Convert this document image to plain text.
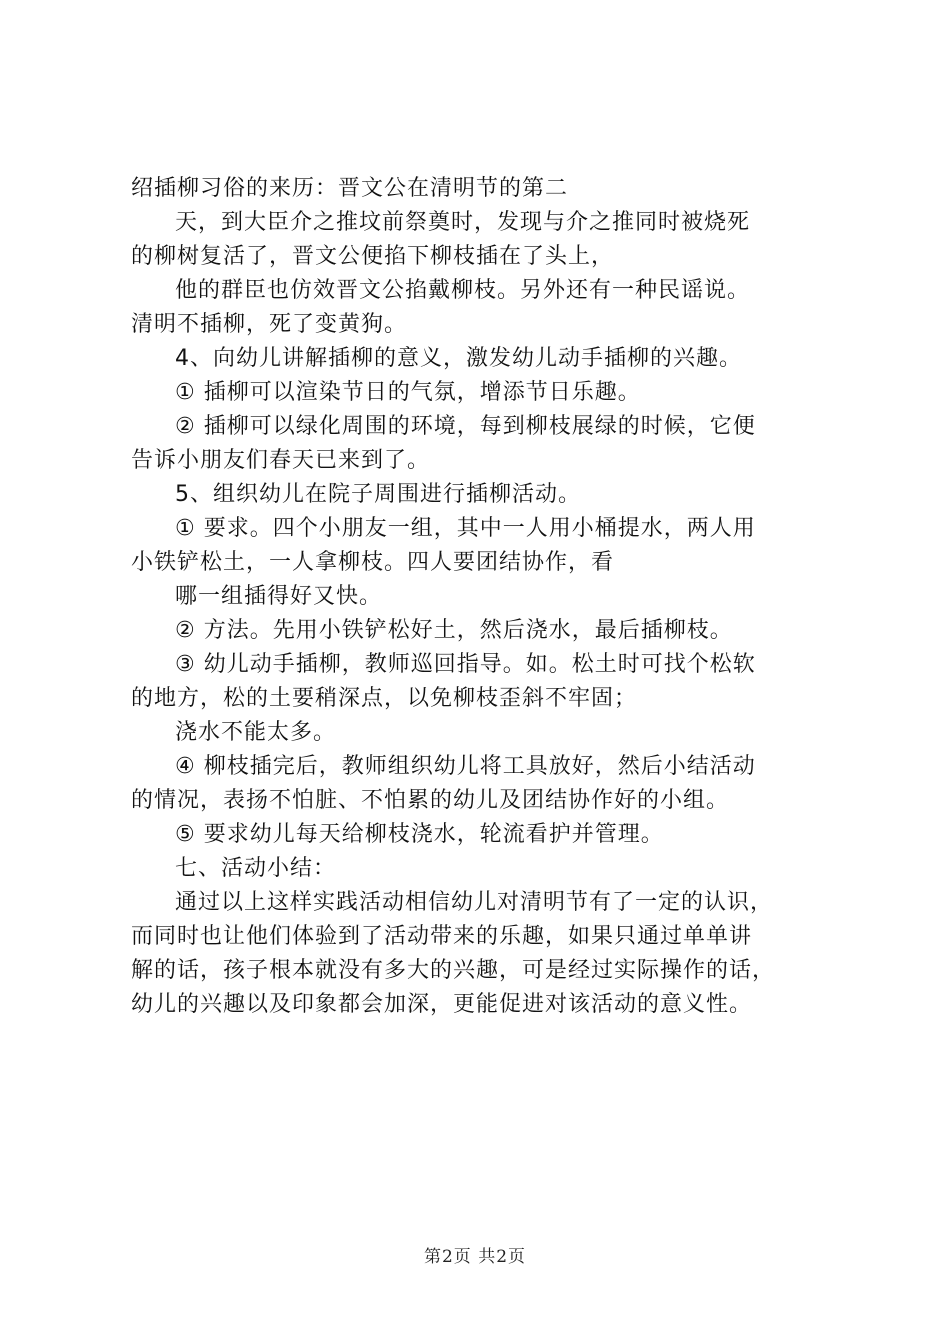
绍插柳习俗的来历：晋文公在清明节的第二
天，到大臣介之推坟前祭奠时，发现与介之推同时被烧死
的柳树复活了，晋文公便掐下柳枝插在了头上，
他的群臣也仿效晋文公掐戴柳枝。另外还有一种民谣说。
清明不插柳，死了变黄狗。
4、向幼儿讲解插柳的意义，激发幼儿动手插柳的兴趣。
① 插柳可以渲染节日的气氛，增添节日乐趣。
② 插柳可以绿化周围的环境，每到柳枝展绿的时候，它便
告诉小朋友们春天已来到了。
5、组织幼儿在院子周围进行插柳活动。
① 要求。四个小朋友一组，其中一人用小桶提水，两人用
小铁铲松土，一人拿柳枝。四人要团结协作，看
哪一组插得好又快。
② 方法。先用小铁铲松好土，然后浇水，最后插柳枝。
③ 幼儿动手插柳，教师巡回指导。如。松土时可找个松软
的地方，松的土要稍深点，以免柳枝歪斜不牢固；
浇水不能太多。
④ 柳枝插完后，教师组织幼儿将工具放好，然后小结活动
的情况，表扬不怕脏、不怕累的幼儿及团结协作好的小组。
⑤ 要求幼儿每天给柳枝浇水，轮流看护并管理。
七、活动小结：
通过以上这样实践活动相信幼儿对清明节有了一定的认识，
而同时也让他们体验到了活动带来的乐趣，如果只通过单单讲
解的话，孩子根本就没有多大的兴趣，可是经过实际操作的话，
幼儿的兴趣以及印象都会加深，更能促进对该活动的意义性。
第2页 共2页
